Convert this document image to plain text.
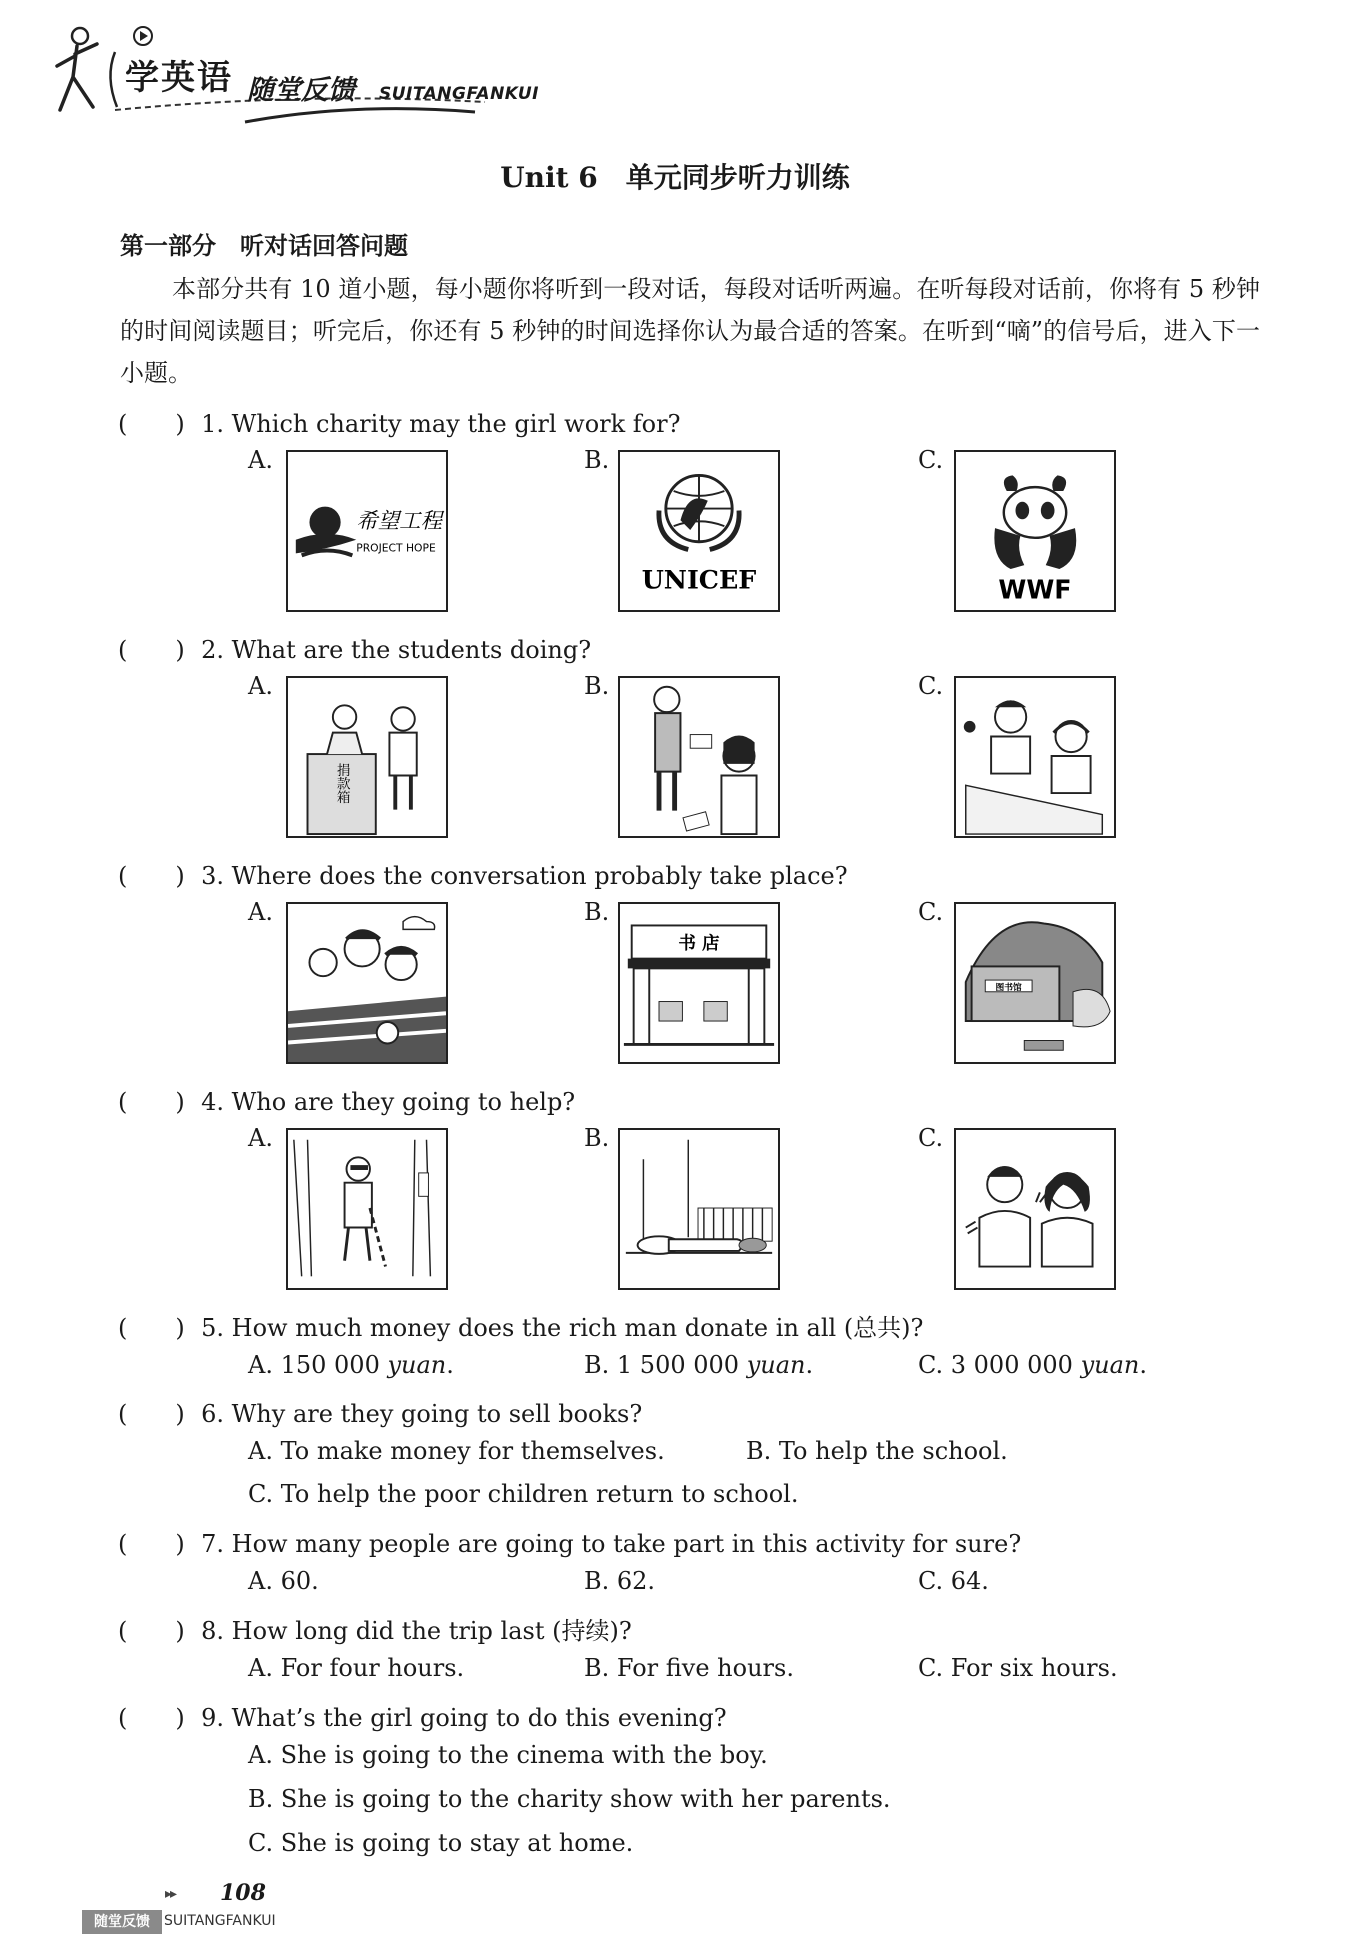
学英语 随堂反馈 SUITANGFANKUI
Unit 6　单元同步听力训练
第一部分　听对话回答问题
本部分共有 10 道小题，每小题你将听到一段对话，每段对话听两遍。在听每段对话前，你将有 5 秒钟的时间阅读题目；听完后，你还有 5 秒钟的时间选择你认为最合适的答案。在听到“嘀”的信号后，进入下一小题。
(　　) 1. Which charity may the girl work for?
A.	B.	C.
希望工程
PROJECT HOPE
UNICEF	WWF
(　　) 2. What are the students doing?
A.	B.	C.
捐款箱
(　　) 3. Where does the conversation probably take place?
A.	B.	C.
书 店
图书馆
(　　) 4. Who are they going to help?
A.	B.	C.
(　　) 5. How much money does the rich man donate in all (总共)?
A. 150 000 yuan.	B. 1 500 000 yuan.	C. 3 000 000 yuan.
(　　) 6. Why are they going to sell books?
A. To make money for themselves.	B. To help the school.
C. To help the poor children return to school.
(　　) 7. How many people are going to take part in this activity for sure?
A. 60.	B. 62.	C. 64.
(　　) 8. How long did the trip last (持续)?
A. For four hours.	B. For five hours.	C. For six hours.
(　　) 9. What’s the girl going to do this evening?
A. She is going to the cinema with the boy.
B. She is going to the charity show with her parents.
C. She is going to stay at home.
▸▸ 108
随堂反馈	SUITANGFANKUI
